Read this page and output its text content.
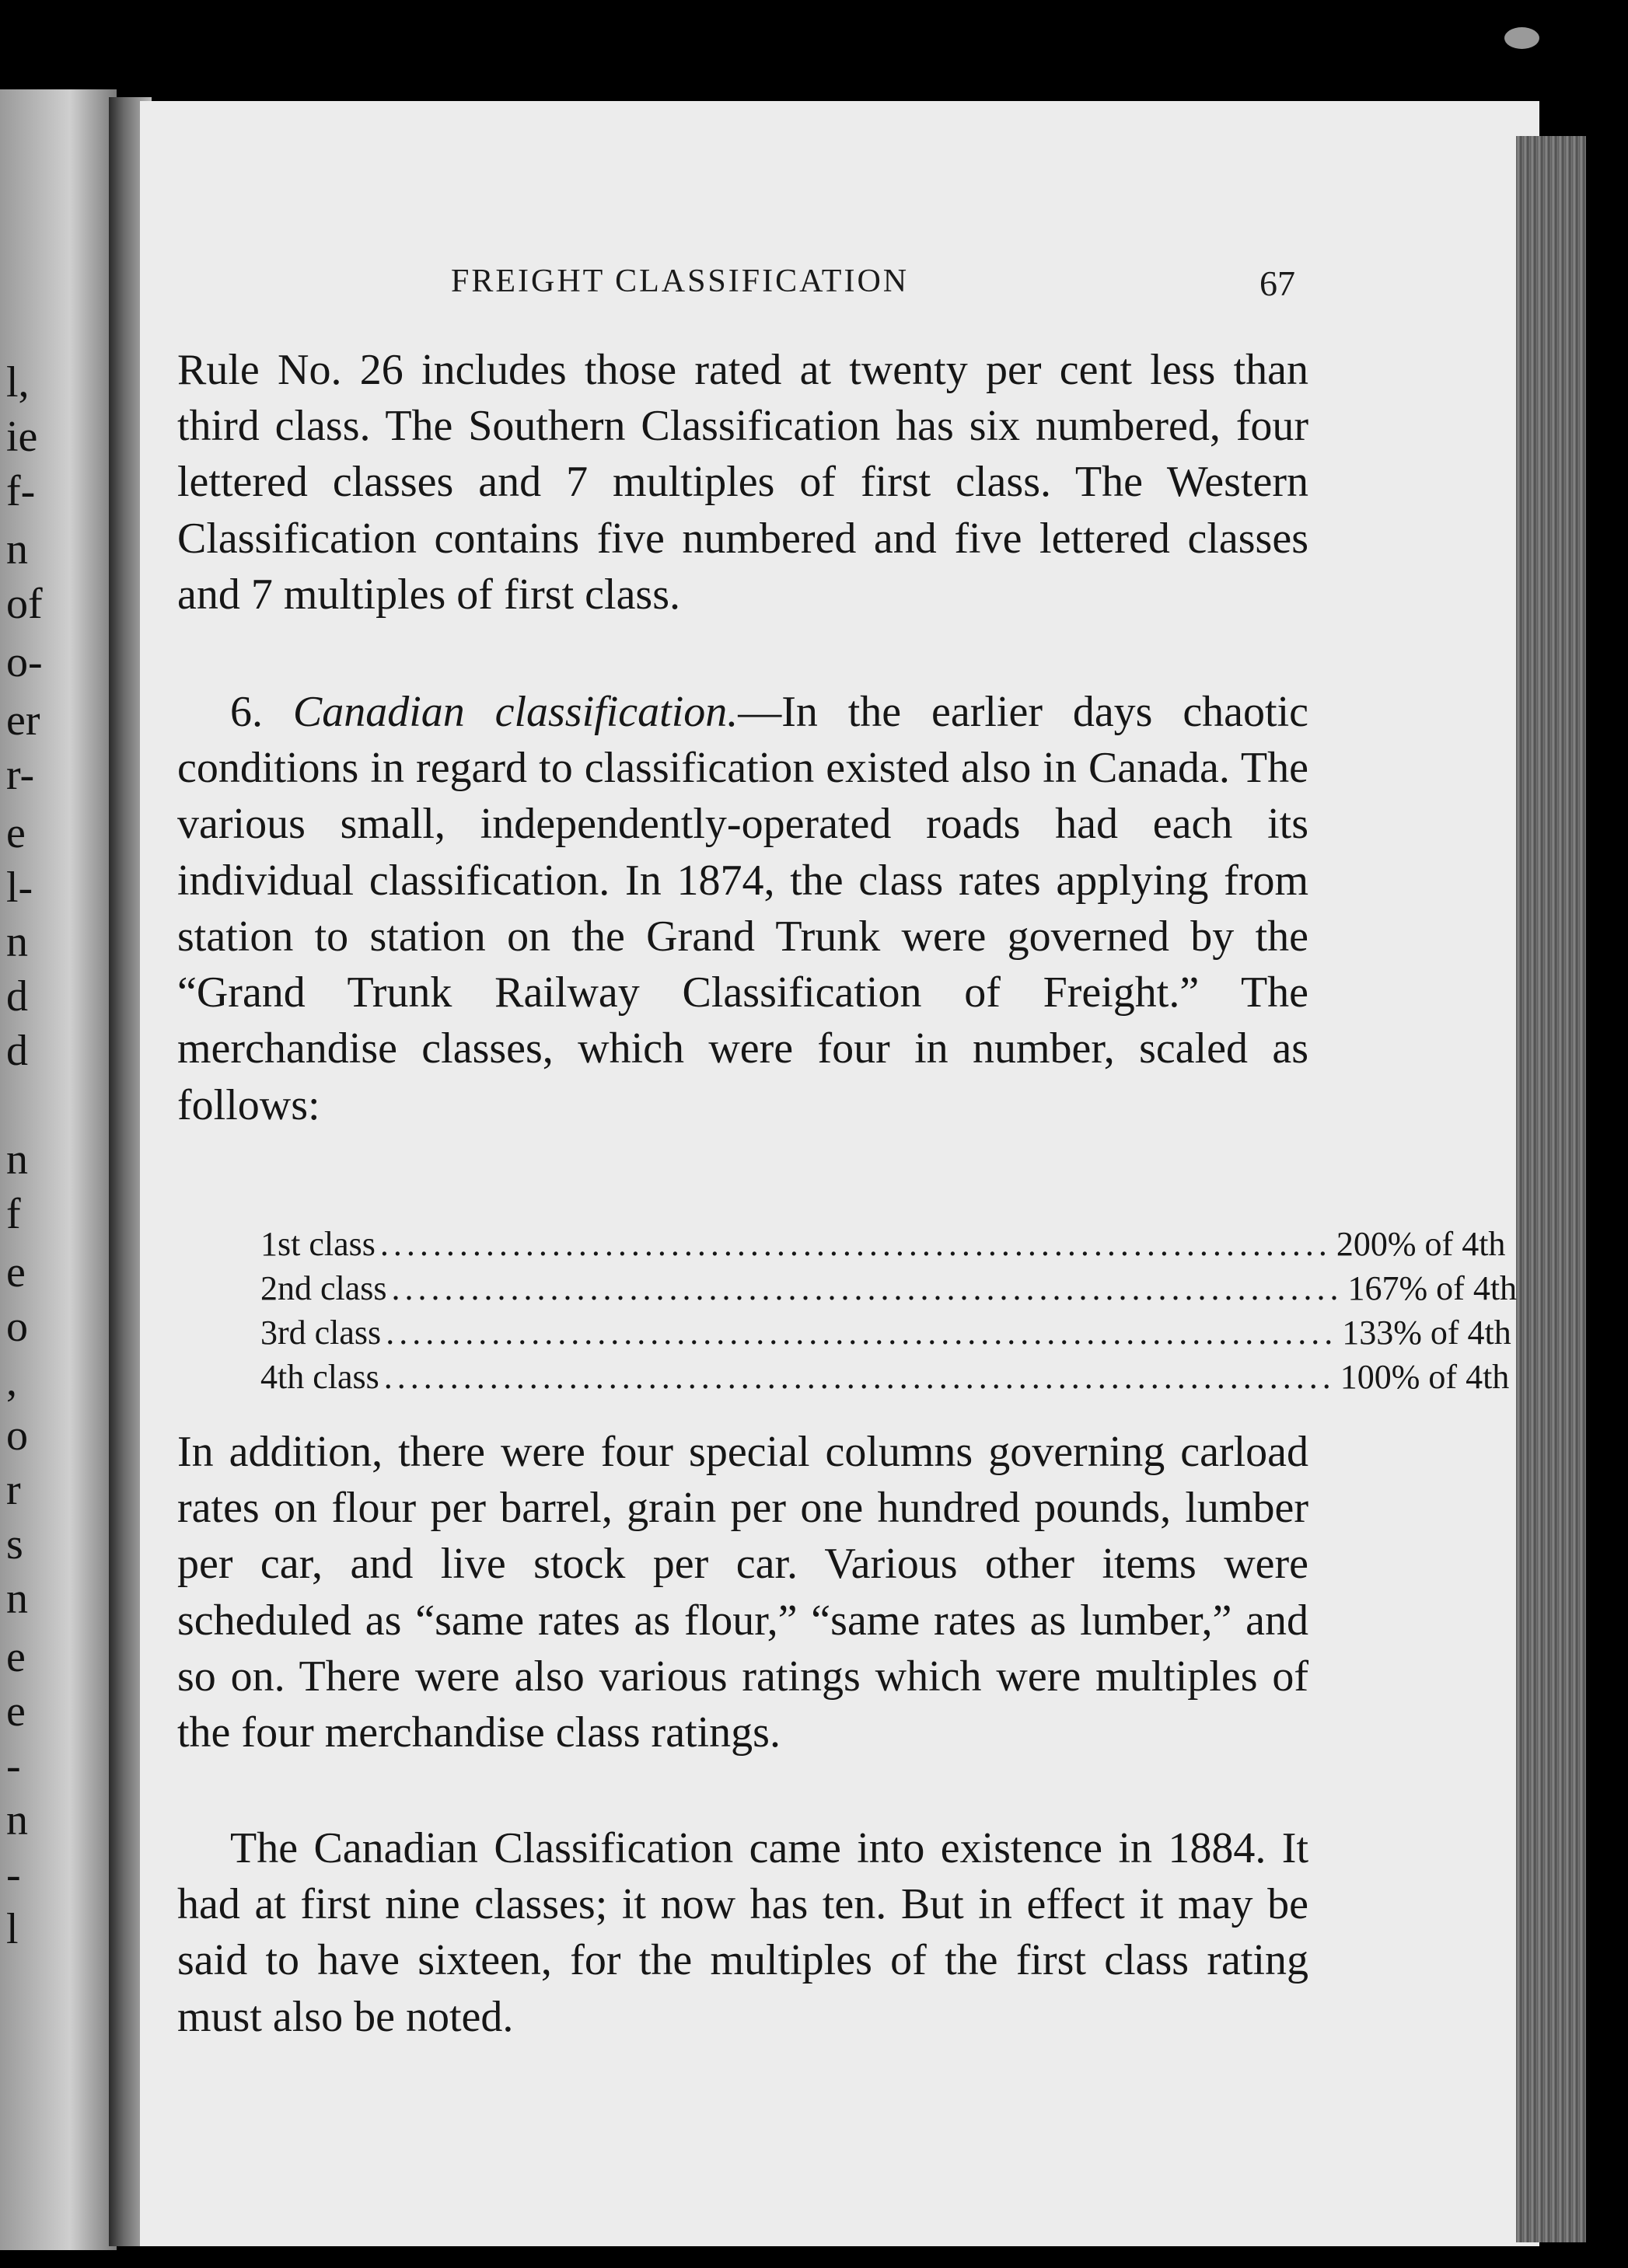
l,
ie
f-
n
of
o-
er
r-
e
l-
n
d
d
n
f
e
o
,
o
r
s
n
e
e
-
n
-
l
FREIGHT CLASSIFICATION	67

Rule No. 26 includes those rated at twenty per cent less than third class. The Southern Classification has six numbered, four lettered classes and 7 multiples of first class. The Western Classification contains five numbered and five lettered classes and 7 multiples of first class.

6. Canadian classification.—In the earlier days chaotic conditions in regard to classification existed also in Canada. The various small, independently-operated roads had each its individual classification. In 1874, the class rates applying from station to station on the Grand Trunk were governed by the “Grand Trunk Railway Classification of Freight.” The merchandise classes, which were four in number, scaled as follows:

1st class ........................................................................ 200% of 4th
2nd class ........................................................................ 167% of 4th
3rd class ........................................................................ 133% of 4th
4th class ........................................................................ 100% of 4th

In addition, there were four special columns governing carload rates on flour per barrel, grain per one hundred pounds, lumber per car, and live stock per car. Various other items were scheduled as “same rates as flour,” “same rates as lumber,” and so on. There were also various ratings which were multiples of the four merchandise class ratings.

The Canadian Classification came into existence in 1884. It had at first nine classes; it now has ten. But in effect it may be said to have sixteen, for the multiples of the first class rating must also be noted.
